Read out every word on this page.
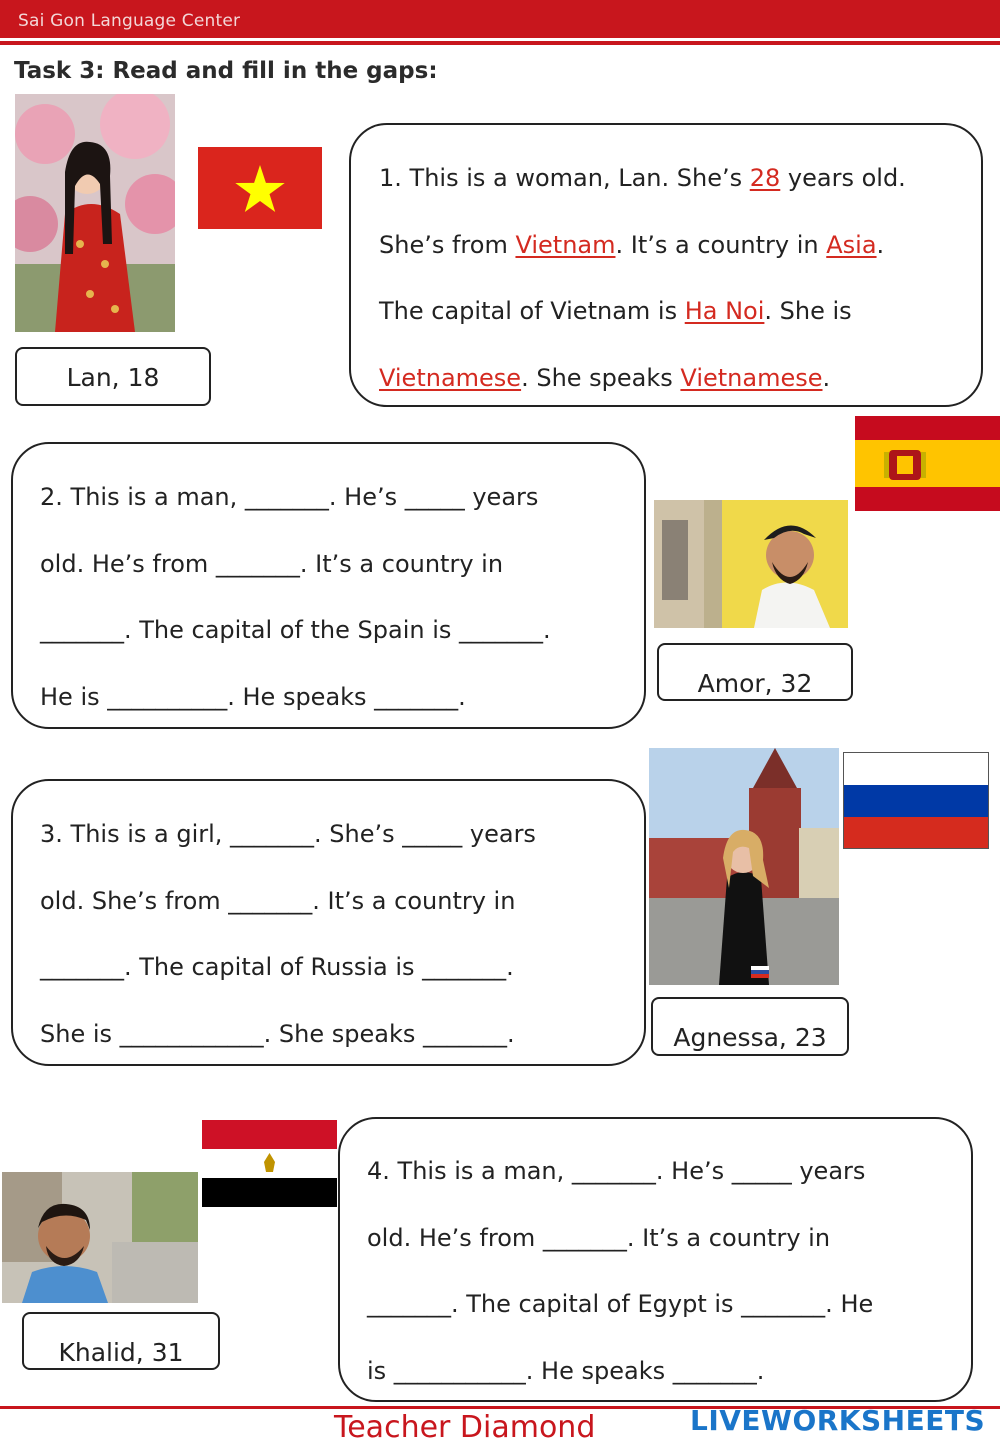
Sai Gon Language Center
Task 3: Read and fill in the gaps:
Lan, 18
1. This is a woman, Lan. She’s 28 years old.
She’s from Vietnam. It’s a country in Asia.
The capital of Vietnam is Ha Noi. She is
Vietnamese. She speaks Vietnamese.
2. This is a man, _______. He’s _____ years
old. He’s from _______. It’s a country in
_______. The capital of the Spain is _______.
He is __________. He speaks _______.	Amor, 32
3. This is a girl, _______. She’s _____ years
old. She’s from _______. It’s a country in
_______. The capital of Russia is _______.
She is ____________. She speaks _______.	Agnessa, 23
Khalid, 31
4. This is a man, _______. He’s _____ years
old. He’s from _______. It’s a country in
_______. The capital of Egypt is _______. He
is ___________. He speaks _______.
Teacher Diamond	LIVEWORKSHEETS
